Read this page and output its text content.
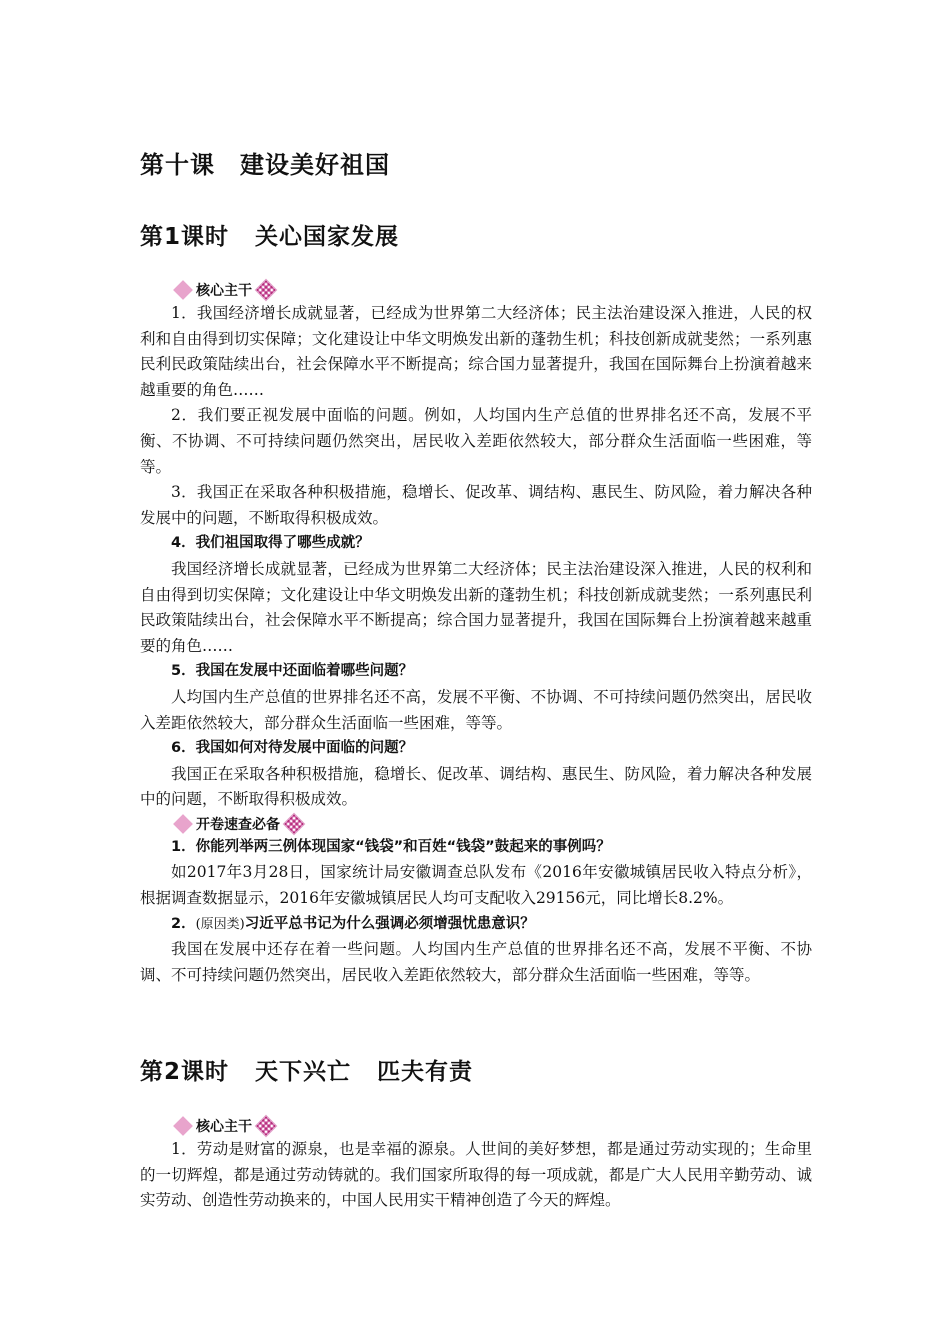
第十课　建设美好祖国
第1课时 关心国家发展
核心主干

1．我国经济增长成就显著，已经成为世界第二大经济体；民主法治建设深入推进，人民的权利和自由得到切实保障；文化建设让中华文明焕发出新的蓬勃生机；科技创新成就斐然；一系列惠民利民政策陆续出台，社会保障水平不断提高；综合国力显著提升，我国在国际舞台上扮演着越来越重要的角色……

2．我们要正视发展中面临的问题。例如，人均国内生产总值的世界排名还不高，发展不平衡、不协调、不可持续问题仍然突出，居民收入差距依然较大，部分群众生活面临一些困难，等等。

3．我国正在采取各种积极措施，稳增长、促改革、调结构、惠民生、防风险，着力解决各种发展中的问题，不断取得积极成效。

4．我们祖国取得了哪些成就？

我国经济增长成就显著，已经成为世界第二大经济体；民主法治建设深入推进，人民的权利和自由得到切实保障；文化建设让中华文明焕发出新的蓬勃生机；科技创新成就斐然；一系列惠民利民政策陆续出台，社会保障水平不断提高；综合国力显著提升，我国在国际舞台上扮演着越来越重要的角色……

5．我国在发展中还面临着哪些问题？

人均国内生产总值的世界排名还不高，发展不平衡、不协调、不可持续问题仍然突出，居民收入差距依然较大，部分群众生活面临一些困难，等等。

6．我国如何对待发展中面临的问题？

我国正在采取各种积极措施，稳增长、促改革、调结构、惠民生、防风险，着力解决各种发展中的问题，不断取得积极成效。

开卷速查必备

1．你能列举两三例体现国家“钱袋”和百姓“钱袋”鼓起来的事例吗？

如2017年3月28日，国家统计局安徽调查总队发布《2016年安徽城镇居民收入特点分析》，根据调查数据显示，2016年安徽城镇居民人均可支配收入29156元，同比增长8.2%。

2．(原因类)习近平总书记为什么强调必须增强忧患意识？

我国在发展中还存在着一些问题。人均国内生产总值的世界排名还不高，发展不平衡、不协调、不可持续问题仍然突出，居民收入差距依然较大，部分群众生活面临一些困难，等等。

第2课时 天下兴亡 匹夫有责
核心主干

1．劳动是财富的源泉，也是幸福的源泉。人世间的美好梦想，都是通过劳动实现的；生命里的一切辉煌，都是通过劳动铸就的。我们国家所取得的每一项成就，都是广大人民用辛勤劳动、诚实劳动、创造性劳动换来的，中国人民用实干精神创造了今天的辉煌。
